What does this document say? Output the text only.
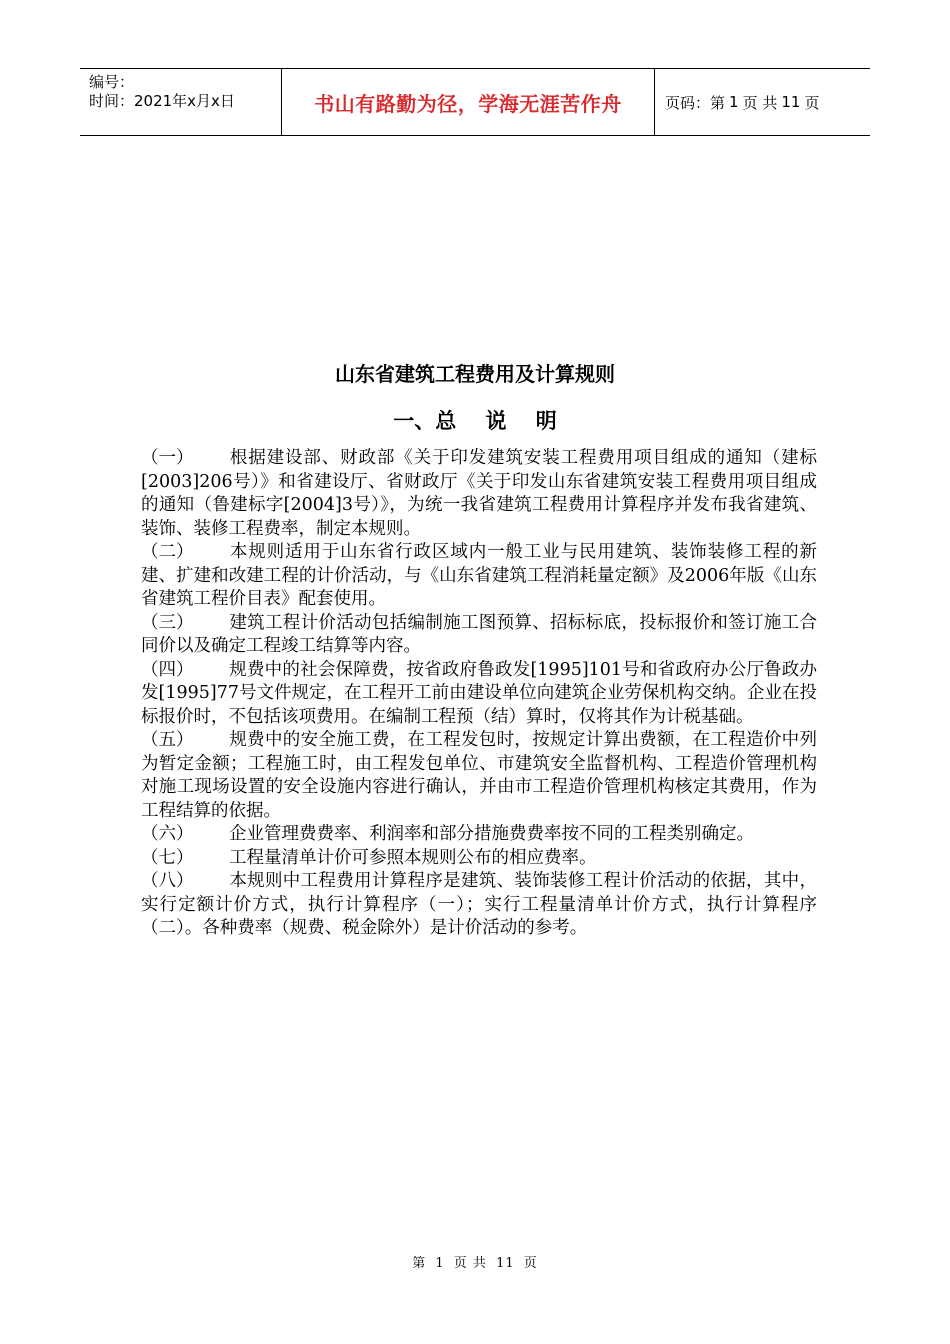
编号：
时间：2021年x月x日	书山有路勤为径，学海无涯苦作舟	页码：第 1 页 共 11 页
山东省建筑工程费用及计算规则
一、总    说    明

（一） 根据建设部、财政部《关于印发建筑安装工程费用项目组成的通知（建标[2003]206号）》和省建设厅、省财政厅《关于印发山东省建筑安装工程费用项目组成的通知（鲁建标字[2004]3号）》，为统一我省建筑工程费用计算程序并发布我省建筑、装饰、装修工程费率，制定本规则。

（二） 本规则适用于山东省行政区域内一般工业与民用建筑、装饰装修工程的新建、扩建和改建工程的计价活动，与《山东省建筑工程消耗量定额》及2006年版《山东省建筑工程价目表》配套使用。

（三） 建筑工程计价活动包括编制施工图预算、招标标底，投标报价和签订施工合同价以及确定工程竣工结算等内容。

（四） 规费中的社会保障费，按省政府鲁政发[1995]101号和省政府办公厅鲁政办发[1995]77号文件规定，在工程开工前由建设单位向建筑企业劳保机构交纳。企业在投标报价时，不包括该项费用。在编制工程预（结）算时，仅将其作为计税基础。

（五） 规费中的安全施工费，在工程发包时，按规定计算出费额，在工程造价中列为暂定金额；工程施工时，由工程发包单位、市建筑安全监督机构、工程造价管理机构对施工现场设置的安全设施内容进行确认，并由市工程造价管理机构核定其费用，作为工程结算的依据。

（六） 企业管理费费率、利润率和部分措施费费率按不同的工程类别确定。

（七） 工程量清单计价可参照本规则公布的相应费率。

（八） 本规则中工程费用计算程序是建筑、装饰装修工程计价活动的依据，其中，实行定额计价方式，执行计算程序（一）；实行工程量清单计价方式，执行计算程序（二）。各种费率（规费、税金除外）是计价活动的参考。

第 1 页 共 11 页
